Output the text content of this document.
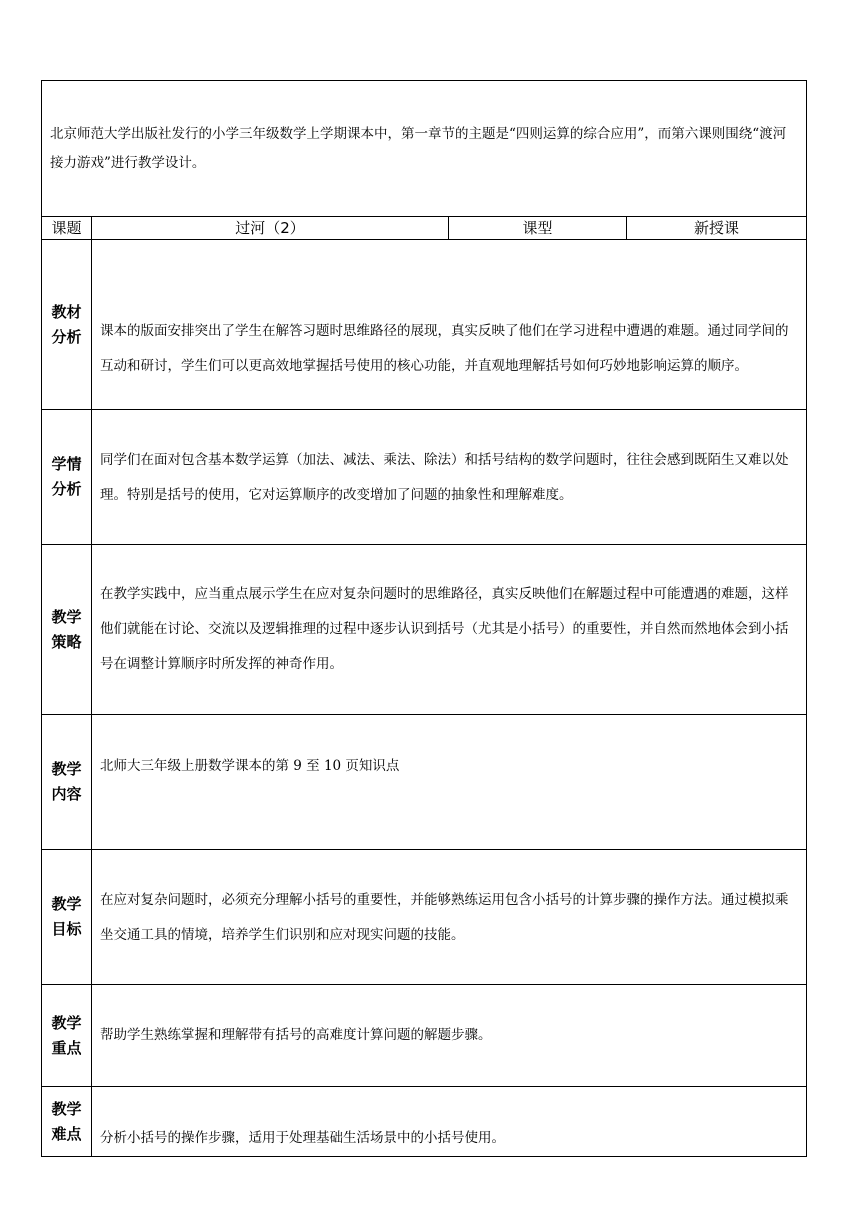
北京师范大学出版社发行的小学三年级数学上学期课本中，第一章节的主题是“四则运算的综合应用”，而第六课则围绕“渡河接力游戏”进行教学设计。			
课题	过河（2）	课型	新授课

教材
分析	课本的版面安排突出了学生在解答习题时思维路径的展现，真实反映了他们在学习进程中遭遇的难题。通过同学间的互动和研讨，学生们可以更高效地掌握括号使用的核心功能，并直观地理解括号如何巧妙地影响运算的顺序。		

学情
分析	同学们在面对包含基本数学运算（加法、减法、乘法、除法）和括号结构的数学问题时，往往会感到既陌生又难以处理。特别是括号的使用，它对运算顺序的改变增加了问题的抽象性和理解难度。		

教学
策略	在教学实践中，应当重点展示学生在应对复杂问题时的思维路径，真实反映他们在解题过程中可能遭遇的难题，这样他们就能在讨论、交流以及逻辑推理的过程中逐步认识到括号（尤其是小括号）的重要性，并自然而然地体会到小括号在调整计算顺序时所发挥的神奇作用。		

教学
内容	北师大三年级上册数学课本的第 9 至 10 页知识点		

教学
目标	在应对复杂问题时，必须充分理解小括号的重要性，并能够熟练运用包含小括号的计算步骤的操作方法。通过模拟乘坐交通工具的情境，培养学生们识别和应对现实问题的技能。		

教学
重点	帮助学生熟练掌握和理解带有括号的高难度计算问题的解题步骤。		

教学
难点	分析小括号的操作步骤，适用于处理基础生活场景中的小括号使用。		
